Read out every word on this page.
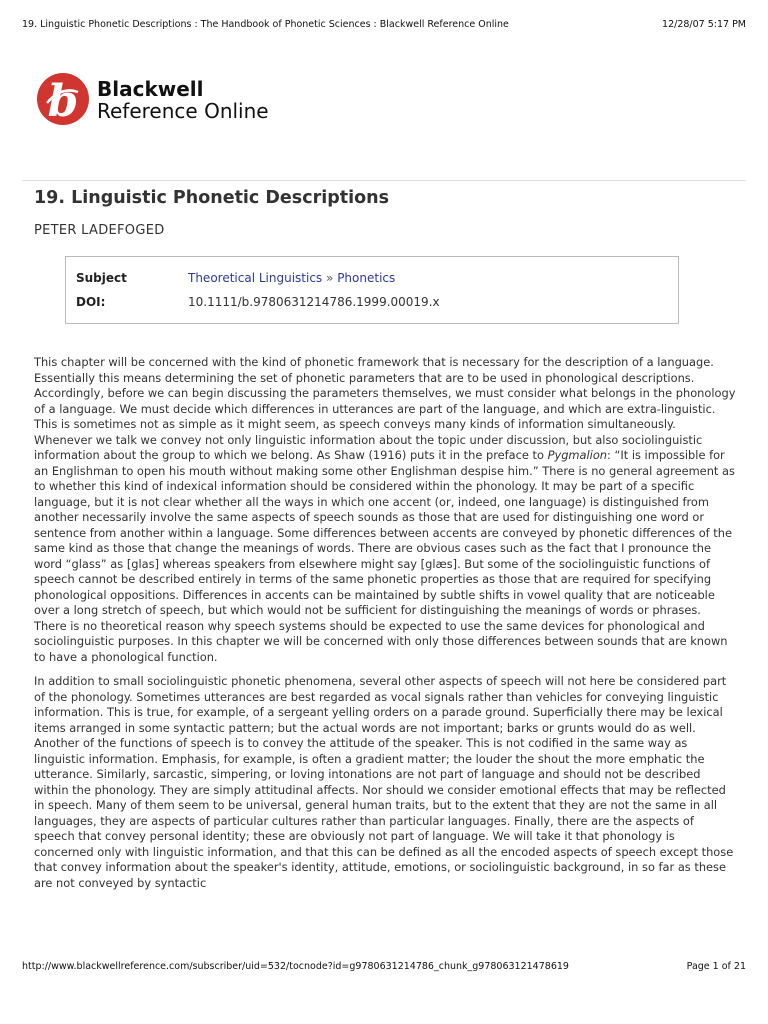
19. Linguistic Phonetic Descriptions : The Handbook of Phonetic Sciences : Blackwell Reference Online	12/28/07 5:17 PM
b Blackwell
Reference Online
19. Linguistic Phonetic Descriptions
PETER LADEFOGED
Subject	Theoretical Linguistics » Phonetics
DOI:	10.1111/b.9780631214786.1999.00019.x

This chapter will be concerned with the kind of phonetic framework that is necessary for the description of a language. Essentially this means determining the set of phonetic parameters that are to be used in phonological descriptions. Accordingly, before we can begin discussing the parameters themselves, we must consider what belongs in the phonology of a language. We must decide which differences in utterances are part of the language, and which are extra-linguistic. This is sometimes not as simple as it might seem, as speech conveys many kinds of information simultaneously. Whenever we talk we convey not only linguistic information about the topic under discussion, but also sociolinguistic information about the group to which we belong. As Shaw (1916) puts it in the preface to Pygmalion: “It is impossible for an Englishman to open his mouth without making some other Englishman despise him.” There is no general agreement as to whether this kind of indexical information should be considered within the phonology. It may be part of a specific language, but it is not clear whether all the ways in which one accent (or, indeed, one language) is distinguished from another necessarily involve the same aspects of speech sounds as those that are used for distinguishing one word or sentence from another within a language. Some differences between accents are conveyed by phonetic differences of the same kind as those that change the meanings of words. There are obvious cases such as the fact that I pronounce the word “glass” as [glas] whereas speakers from elsewhere might say [glæs]. But some of the sociolinguistic functions of speech cannot be described entirely in terms of the same phonetic properties as those that are required for specifying phonological oppositions. Differences in accents can be maintained by subtle shifts in vowel quality that are noticeable over a long stretch of speech, but which would not be sufficient for distinguishing the meanings of words or phrases. There is no theoretical reason why speech systems should be expected to use the same devices for phonological and sociolinguistic purposes. In this chapter we will be concerned with only those differences between sounds that are known to have a phonological function.

In addition to small sociolinguistic phonetic phenomena, several other aspects of speech will not here be considered part of the phonology. Sometimes utterances are best regarded as vocal signals rather than vehicles for conveying linguistic information. This is true, for example, of a sergeant yelling orders on a parade ground. Superficially there may be lexical items arranged in some syntactic pattern; but the actual words are not important; barks or grunts would do as well. Another of the functions of speech is to convey the attitude of the speaker. This is not codified in the same way as linguistic information. Emphasis, for example, is often a gradient matter; the louder the shout the more emphatic the utterance. Similarly, sarcastic, simpering, or loving intonations are not part of language and should not be described within the phonology. They are simply attitudinal affects. Nor should we consider emotional effects that may be reflected in speech. Many of them seem to be universal, general human traits, but to the extent that they are not the same in all languages, they are aspects of particular cultures rather than particular languages. Finally, there are the aspects of speech that convey personal identity; these are obviously not part of language. We will take it that phonology is concerned only with linguistic information, and that this can be defined as all the encoded aspects of speech except those that convey information about the speaker's identity, attitude, emotions, or sociolinguistic background, in so far as these are not conveyed by syntactic

http://www.blackwellreference.com/subscriber/uid=532/tocnode?id=g9780631214786_chunk_g978063121478619	Page 1 of 21
